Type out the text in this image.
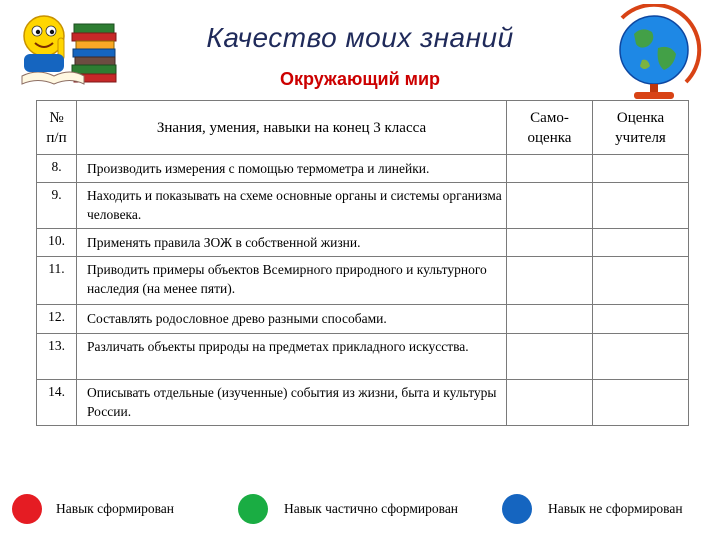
Качество моих знаний
Окружающий мир
№ п/п	Знания, умения, навыки на конец 3 класса	Само-оценка	Оценка учителя
8.	Производить измерения с помощью термометра и линейки.		
9.	Находить и показывать на схеме основные органы и системы организма человека.		
10.	Применять правила ЗОЖ в собственной жизни.		
11.	Приводить примеры объектов Всемирного природного и культурного наследия (на менее пяти).		
12.	Составлять родословное древо разными способами.		
13.	Различать объекты природы на предметах прикладного искусства.		
14.	Описывать отдельные (изученные) события из жизни, быта и культуры России.		
Навык сформирован	Навык частично сформирован	Навык не сформирован
